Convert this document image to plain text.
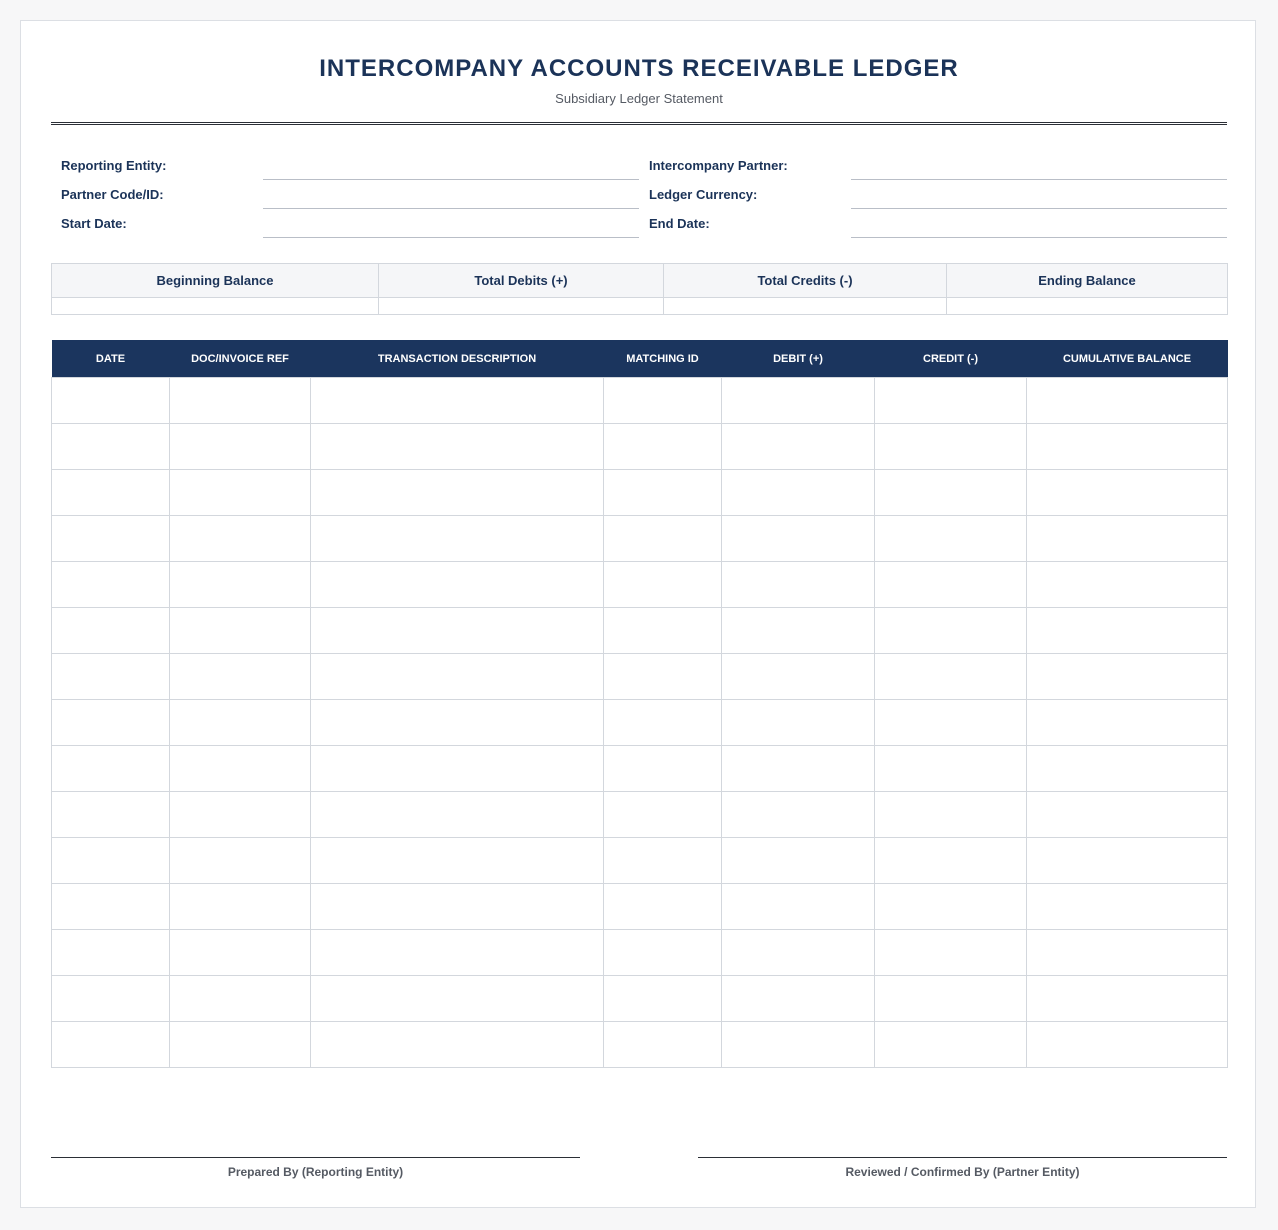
INTERCOMPANY ACCOUNTS RECEIVABLE LEDGER
Subsidiary Ledger Statement
Reporting Entity:
Partner Code/ID:
Start Date:
Intercompany Partner:
Ledger Currency:
End Date:
Beginning Balance	Total Debits (+)	Total Credits (-)	Ending Balance

DATE	DOC/INVOICE REF	TRANSACTION DESCRIPTION	MATCHING ID	DEBIT (+)	CREDIT (-)	CUMULATIVE BALANCE

Prepared By (Reporting Entity)	Reviewed / Confirmed By (Partner Entity)
